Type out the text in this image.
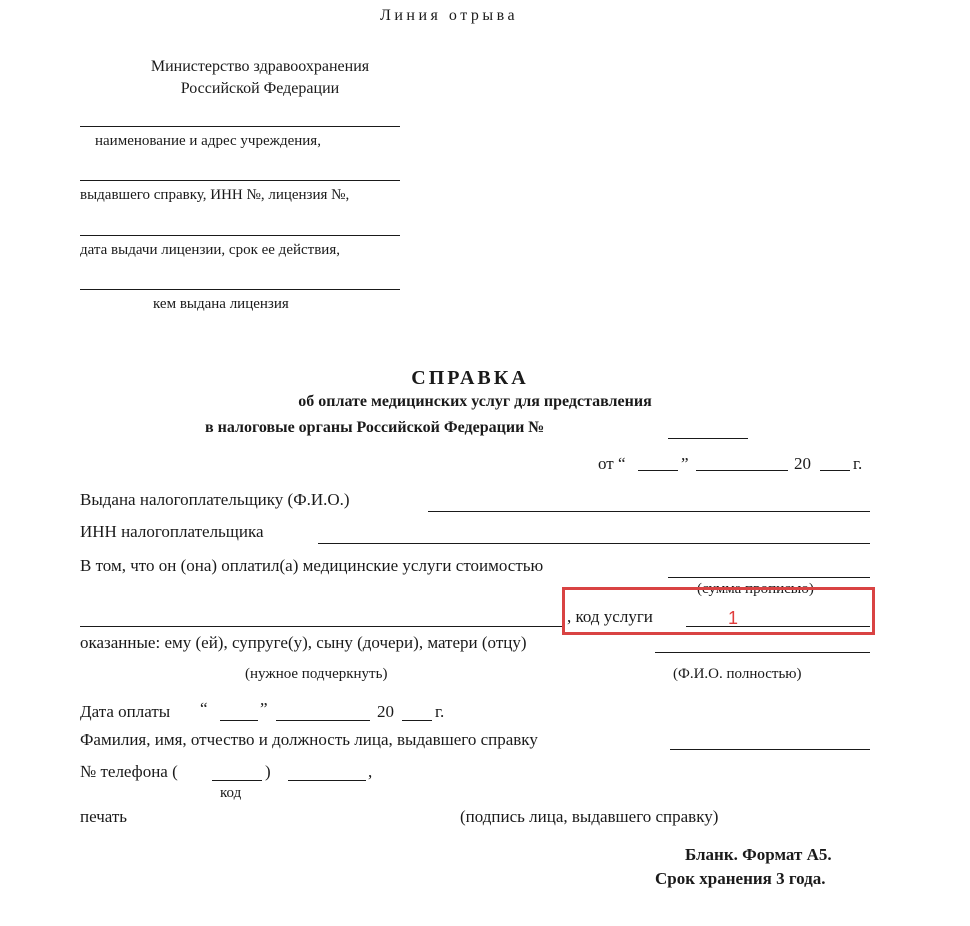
Линия отрыва
Министерство здравоохранения
Российской Федерации
наименование и адрес учреждения,
выдавшего справку, ИНН №, лицензия №,
дата выдачи лицензии, срок ее действия,
кем выдана лицензия
СПРАВКА
об оплате медицинских услуг для представления
в налоговые органы Российской Федерации №
от “	”	20 г.
Выдана налогоплательщику (Ф.И.О.)
ИНН налогоплательщика
В том, что он (она) оплатил(а) медицинские услуги стоимостью
(сумма прописью)
, код услуги	1
оказанные: ему (ей), супруге(у), сыну (дочери), матери (отцу)
(нужное подчеркнуть)	(Ф.И.О. полностью)
Дата оплаты “	”	20 г.
Фамилия, имя, отчество и должность лица, выдавшего справку
№ телефона (	)	,
код
печать	(подпись лица, выдавшего справку)
Бланк. Формат А5.
Срок хранения 3 года.
